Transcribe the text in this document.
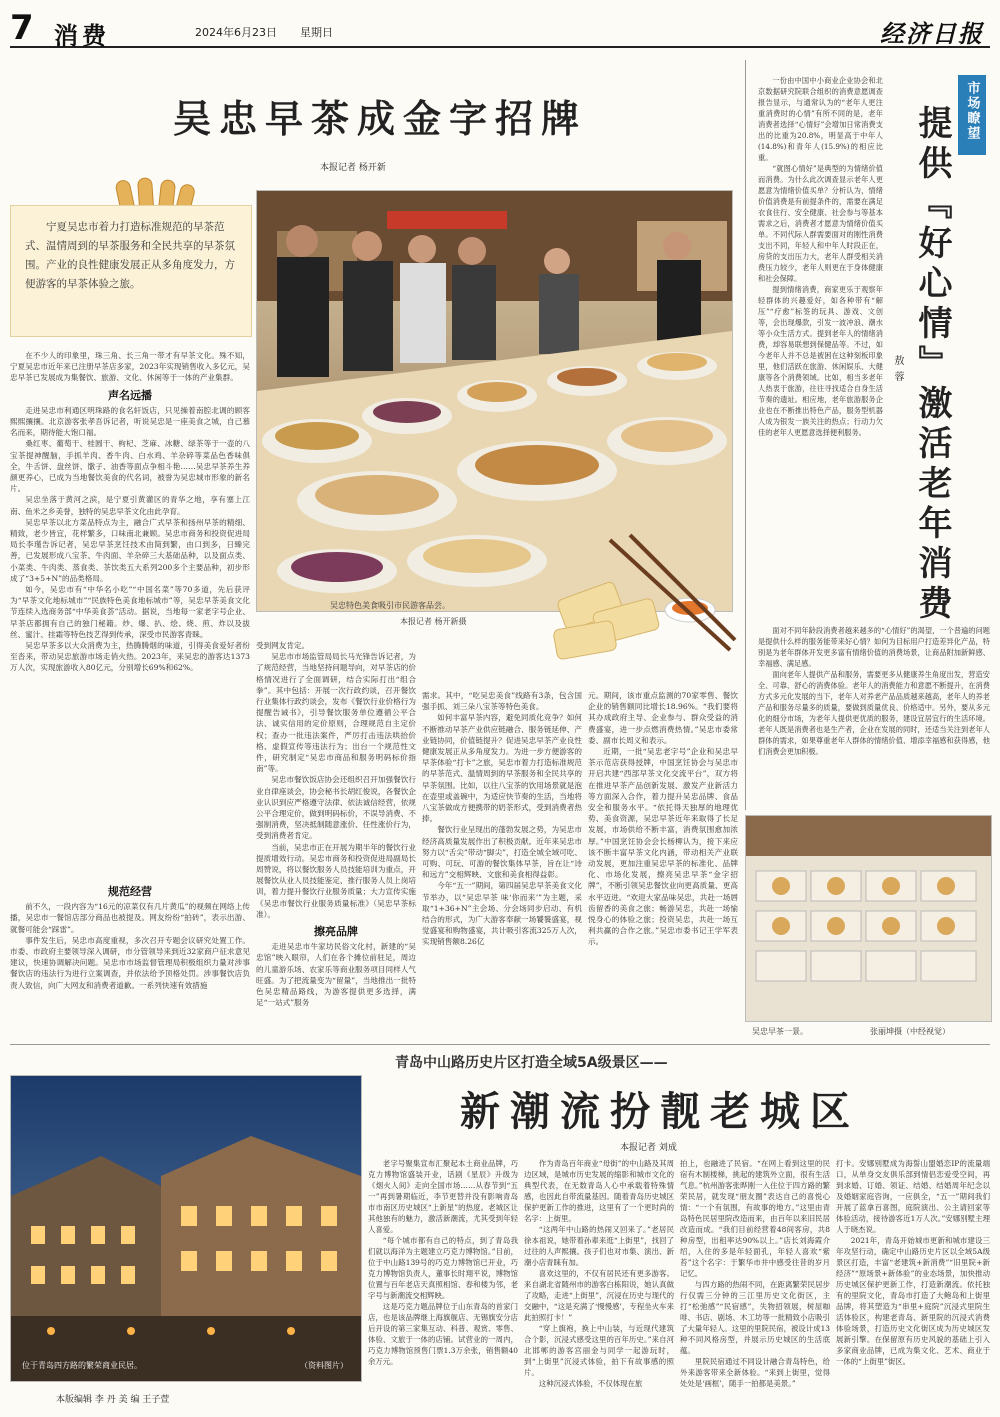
7 消费	2024年6月23日 星期日	经济日报
吴忠早茶成金字招牌
本报记者 杨开新
宁夏吴忠市着力打造标准规范的早茶范式、温情周到的早茶服务和全民共享的早茶氛围。产业的良性健康发展正从多角度发力，方便游客的早茶体验之旅。
吴忠特色美食吸引市民游客品尝。
本报记者 杨开新摄

在不少人的印象里，珠三角、长三角一带才有早茶文化。殊不知，宁夏吴忠市近年来已注册早茶店多家，2023年实现销售收入多亿元，吴忠早茶已发展成为集餐饮、旅游、文化、休闲等于一体的产业集群。

声名远播

走进吴忠市利通区明珠路的食名轩饭店，只见操着南腔北调的顾客熙熙攘攘。北京游客张孝吾诉记者，听说吴忠是一座美食之城，自己慕名而来，期待能大饱口福。

桑红枣、葡萄干、桂圆干、枸杞、芝麻、冰糖、绿茶等于一壶的八宝茶提神醒脑，手抓羊肉、香牛肉、白水鸡、羊杂碎等菜品色香味俱全，牛舌饼、盘丝饼、馓子、油香等面点争相斗艳……吴忠早茶养生养颜更养心，已成为当地餐饮美食的代名词，被誉为吴忠城市形象的新名片。

吴忠坐落于黄河之滨，是宁夏引黄灌区的青华之地，享有塞上江南、鱼米之乡美誉，独特的吴忠早茶文化由此孕育。

吴忠早茶以北方菜品特点为主，融合广式早茶和扬州早茶的精细、精致，老少皆宜，花样繁多，口味南北兼顾。吴忠市商务和投资促进局局长李瑾告诉记者，吴忠早茶烹饪技术由简到繁，由口到多，日臻完善，已发展形成八宝茶、牛肉面、羊杂碎三大基础品种，以及面点类、小菜类、牛肉类、蒸食类、茶饮类五大系列200多个主要品种，初步形成了“3+5+N”的品类格局。

如今，吴忠市有“中华名小吃”“中国名菜”等70多道，先后获评为“早茶文化地标城市”“民族特色美食地标城市”等，吴忠早茶美食文化节连续入选商务部“中华美食荟”活动。据说，当地每一家老字号企业、早茶店都拥有自己的独门秘籍。炒、爆、扒、烩、烧、煎、炸以及拔丝、蜜汁、挂霜等特色技艺得到传承，深受市民游客青睐。

吴忠早茶多以大众消费为主，热腾腾烟的味道，引得美食爱好者纷至沓来，带动吴忠旅游市场走俏火热。2023年，来吴忠的游客达1373万人次，实现旅游收入80亿元，分别增长69%和62%。

规范经营

前不久，一段内容为“16元的凉菜仅有几片黄瓜”的视频在网络上传播，吴忠市一餐馆店部分商品也被提及。网友纷纷“拍砖”，表示出游、就餐可能会“踩雷”。

事件发生后，吴忠市高度重视，多次召开专题会议研究处置工作。市委、市政府主要领导深入调研，市分管领导来到近32家商户征求意见建议，快速协调解决问题。吴忠市市场监督管理局积极组织力量对涉事餐饮店的违法行为进行立案调查，并依法给予顶格处罚。涉事餐饮店负责人致信，向广大网友和消费者道歉。一系列快速有效措施

受到网友肯定。

吴忠市市场监管局局长马光锋告诉记者，为了规范经营，当地坚持问题导向，对早茶店的价格情况进行了全面调研，结合实际打出“组合拳”。其中包括：开展一次行政约谈，召开餐饮行业集体行政约谈会，发布《餐饮行业价格行为提醒告诫书》，引导餐饮服务单位遵循公平合法、诚实信用的定价原则，合理规范自主定价权；查办一批违法案件，严厉打击违法哄抬价格、虚假宣传等违法行为；出台一个规范性文件，研究制定“吴忠市商品和服务明码标价指南”等。

吴忠市餐饮饭店协会还组织召开加强餐饮行业自律座谈会，协会秘书长胡红俊说，各餐饮企业认识到应严格遵守法律、依法诚信经营，依规公平合理定价，做到明码标价，不误导消费、不强制消费，坚决抵制随意涨价、任性涨价行为，受到消费者肯定。

当前，吴忠市正在开展为期半年的餐饮行业提质增效行动。吴忠市商务和投资促进局副局长周赞说，将以餐饮服务人员技能培训为重点，开展餐饮从业人员技能鉴定、推行服务人员上岗培训，着力提升餐饮行业服务质量；大力宣传实施《吴忠市餐饮行业服务质量标准》（吴忠早茶标准）。

擦亮品牌

走进吴忠市牛家坊民俗文化村，新建的“吴忠馆”映入眼帘，人们在各个摊位前驻足，周边的儿童游乐场、农家乐等商业服务项目同样人气旺盛。为了把流量变为“留量”，当地推出一批特色吴忠精品路线，为游客提供更多选择，满足“一站式”服务

需求。其中，“吃吴忠美食”线路有3条，包含国强手抓、刘三朵八宝茶等特色美食。

如何丰富早茶内容，避免同质化竞争？如何不断推动早茶产业供应链融合、服务链延伸、产业链协同，价值链提升？促进吴忠早茶产业良性健康发展正从多角度发力。为进一步方便游客的早茶体验“打卡”之旅，吴忠市着力打造标准规范的早茶范式、温情周到的早茶服务和全民共享的早茶氛围。比如，以往八宝茶的饮用场景就是泡在壶里或盖碗中，为适应快节奏的生活，当地将八宝茶做成方便携带的奶茶形式，受到消费者热捧。

餐饮行业呈现出的蓬勃发展之势，为吴忠市经济高质量发展作出了积极贡献。近年来吴忠市努力以“舌尖”带动“脚尖”，打造全城全域可吃、可购、可玩、可游的餐饮集体早茶，旨在让“诗和远方”交相辉映、文旅和美食相得益彰。

今年“五一”期间，第四届吴忠早茶美食文化节举办，以“吴忠早茶 味‘你而来’”为主题，采取“1+36+N”主会场、分会场同步启动、有机结合的形式，为广大游客奉献一场饕餮盛宴，视觉盛宴和购物盛宴，共计吸引客流325万人次，实现销售额8.26亿

元。期间，该市重点监测的70家零售、餐饮企业的销售额同比增长18.96%。“我们要将其办成政府主导、企业参与、群众受益的消费盛宴，进一步点燃消费热情。”吴忠市委常委、副市长周义和表示。

近期，一批“吴忠老字号”企业和吴忠早茶示范店获得授牌，中国烹饪协会与吴忠市开启共建“西部早茶文化交流平台”，双方将在推进早茶产品创新发展、激发产业新活力等方面深入合作，着力提升吴忠品牌、食品安全和服务水平。“依托得天独厚的地理优势、美食资源，吴忠早茶近年来取得了长足发展，市场供给不断丰富，消费氛围愈加浓厚。”中国烹饪协会会长杨柳认为，接下来应该不断丰富早茶文化内涵，带动相关产业联动发展，更加注重吴忠早茶的标准化、品牌化、市场化发展，擦亮吴忠早茶“金字招牌”，不断引领吴忠餐饮业向更高质量、更高水平迈进。“欢迎大家品味吴忠，共赴一场唇齿留香的美食之旅；畅游吴忠，共赴一场愉悦身心的体验之旅；投资吴忠，共赴一场互利共赢的合作之旅。”吴忠市委书记王学军表示。

市场瞭望
提供『好心情』激活老年消费
敖蓉

一份由中国中小商业企业协会和北京数据研究院联合组织的消费意愿调查报告显示，与通常认为的“老年人更注重消费时的心情”有所不同的是，老年消费者选择“心情好”会增加日常消费支出的比重为20.8%，明显高于中年人(14.8%)和青年人(15.9%)的相应比重。

“就图心情好”是典型的为情绪价值而消费。为什么此次调查显示老年人更愿意为情绪价值买单？分析认为，情绪价值消费是有前提条件的，需要在满足衣食住行、安全健康、社会参与等基本需求之后，消费者才愿意为情绪价值买单。不同代际人群需要面对的刚性消费支出不同，年轻人和中年人时段正在，房贷的支出压力大，老年人群受相关消费压力较少，老年人则更在于身体健康和社会保障。

提到情绪消费，商家更乐于观察年轻群体的兴趣爱好，如各种带有“解压”“疗愈”标签的玩具、游戏、文创等，会出现爆款，引发一波冲浪、潮水等小众生活方式。提到老年人的情绪消费，却容易联想到保健品等。不过，如今老年人并不总是被困在这种刻板印象里，他们活跃在旅游、休闲娱乐、大健康等各个消费领域。比如，相当多老年人热衷于旅游，往往寻找适合自身生活节奏的遗址。相应地，老年旅游服务企业也在不断推出特色产品，服务型机器人成为银发一族关注的热点；行动力欠佳的老年人更愿意选择便利服务。

面对不同年龄段消费者越来越多的“心情好”的渴望，一个普遍的问题是提供什么样的服务能带来好心情？如何为目标用户打造差异化产品，特别是为老年群体开发更多富有情绪价值的消费场景，让商品附加新鲜感、幸福感、满足感。

面向老年人提供产品和服务，需要更多从健康养生角度出发，营造安全、可靠、舒心的消费体验。老年人的消费能力和意愿不断提升，在消费方式多元化发展的当下，老年人对养老产品品质越来越高，老年人的养老产品和服务尽量多的质量，要做到质量优良、价格适中。另外，要从多元化的细分市场，为老年人提供更优质的服务，建设宜居宜行的生活环境。老年人既是消费者也是生产者，企业在发展的同时，还适当关注到老年人群体的需求，如果尊重老年人群体的情绪价值、增添幸福感和获得感，他们消费会更加积极。

吴忠早茶一景。	张丽坤摄（中经视觉）
青岛中山路历史片区打造全域5A级景区——
新潮流扮靓老城区
本报记者 刘成
位于青岛四方路的繁荣商业民居。	（资料图片）

老字号聚集宣布汇聚起本土商业品牌，巧克力博物馆盛装开业，话剧《星辰》升级为《烟火人间》走向全国市场……从春节到“五一”再到暑期临近，李节更替并没有影响青岛市市南区历史城区“上新星”的热度。老城区让其他独有的魅力，激活新潮流，尤其受到年轻人喜爱。

“每个城市都有自己的特点，到了青岛我们就以海洋为主题建立巧克力博物馆。”目前，位于中山路139号的巧克力博物馆已开业，巧克力博物馆负责人，董事长时翔平说，博物馆位置与百年老店天真照相馆、春和楼为邻，老字号与新潮流交相辉映。

这是巧克力题品牌位于山东青岛的首家门店，也是该品牌继上海旗舰店、无锡旗安分店后开设的第三家集互动、科普、观赏、零售、体验、文旅于一体的店铺。试营业的一周内，巧克力博物馆预售门票1.3万余张，销售额40余万元。

作为青岛百年商业“母街”的中山路及其周边区域，是城市历史发展的缩影和城市文化的典型代表，在无数青岛人心中承载着特殊情感，也因此自带流量基因。随着青岛历史城区保护更新工作的推进，这里有了一个更时尚的名字：上街里。

“这两年中山路的热闹又回来了。”老居民徐本祖说，她带着孙辈来逛“上街里”，找回了过往的人声熙攘。孩子们也对市集、演出、新潮小店青睐有加。

喜欢这里的，不仅有居民还有更多游客。来自湖北省随州市的游客白栋阳说，她认真做了攻略，走进“上街里”，沉浸在历史与现代的交融中，“这是充满了‘慢慢感’，专程坐火车来此拍照打卡！”

“穿上旗袍，换上中山装，与近现代建筑合个影，沉浸式感受这里的百年历史。”来自河北邯郸的游客宫丽金与同学一起游玩时，到“上街里”沉浸式体验，拍下有故事感的照片。

这种沉浸式体验，不仅体现在旅

拍上，也融进了民宿。“在网上看到这里的民宿有木制楼梯，挑起的建筑外立面，很有生活气息。”杭州游客张晔刚一入住位于四方路的繁荣民居，就发现“朋友圈”表达自己的喜悦心情：“一个有氛围，有故事的地方。”这里由青岛特色民居里院改造而来，由百年以来旧民居改造而成。“我们目前经营着48间客房，共8种房型，出租率达90%以上。”店长刘海霞介绍，入住的多是年轻面孔，年轻人喜欢“紫苔”这个名字：于繁华市井中感受往昔的岁月记忆。

与四方路的热闹不同，在距离繁荣民居步行仅需三分钟的三江里历史文化街区，主打“松弛感”“民宿感”，失物招领展，树屋咖啡、书店、剧场、木工坊等一批精致小店吸引了大量年轻人。这里的里院民宿，被设计成13种不同风格房型，并展示历史城区的生活底蕴。

里院民宿通过不同设计融合青岛特色，给外来游客带来全新体验。“来到上街里，觉得处处是‘画框’，随手一拍都是美景。”

打卡。安娜别墅成为海誓山盟婚恋IP的流量端口，从单身交友俱乐部到情侣恋爱受空间，再到求婚、订婚、领证、结婚、结婚周年纪念以及婚姻家庭咨询，一应俱全，“五一”期间我们开展了蓝拿百喜图，庭院演出、公主请回家等体验活动，接待游客近1万人次。”安娜别墅主理人于晓杰说。

2021年，青岛开始城市更新和城市建设三年攻坚行动，确定中山路历史片区以全域5A级景区打造，丰富“老建筑+新消费”“旧里院+新经济”“原场景+新体验”的业态场景，加快推动历史城区保护更新工作，打造新潮流。依托独有的里院文化，青岛市打造了大鲍岛和上街里品牌，将其塑造为“串里+庭院”沉浸式里院生活体验区，构建老青岛、新里院的沉浸式消费体验场景，打造历史文化街区成为历史城区发展新引擎。在保留原有历史风貌的基础上引入多家商业品牌，已成为集文化、艺术、商业于一体的“上街里”街区。

本版编辑 李 丹 美 编 王子萱
